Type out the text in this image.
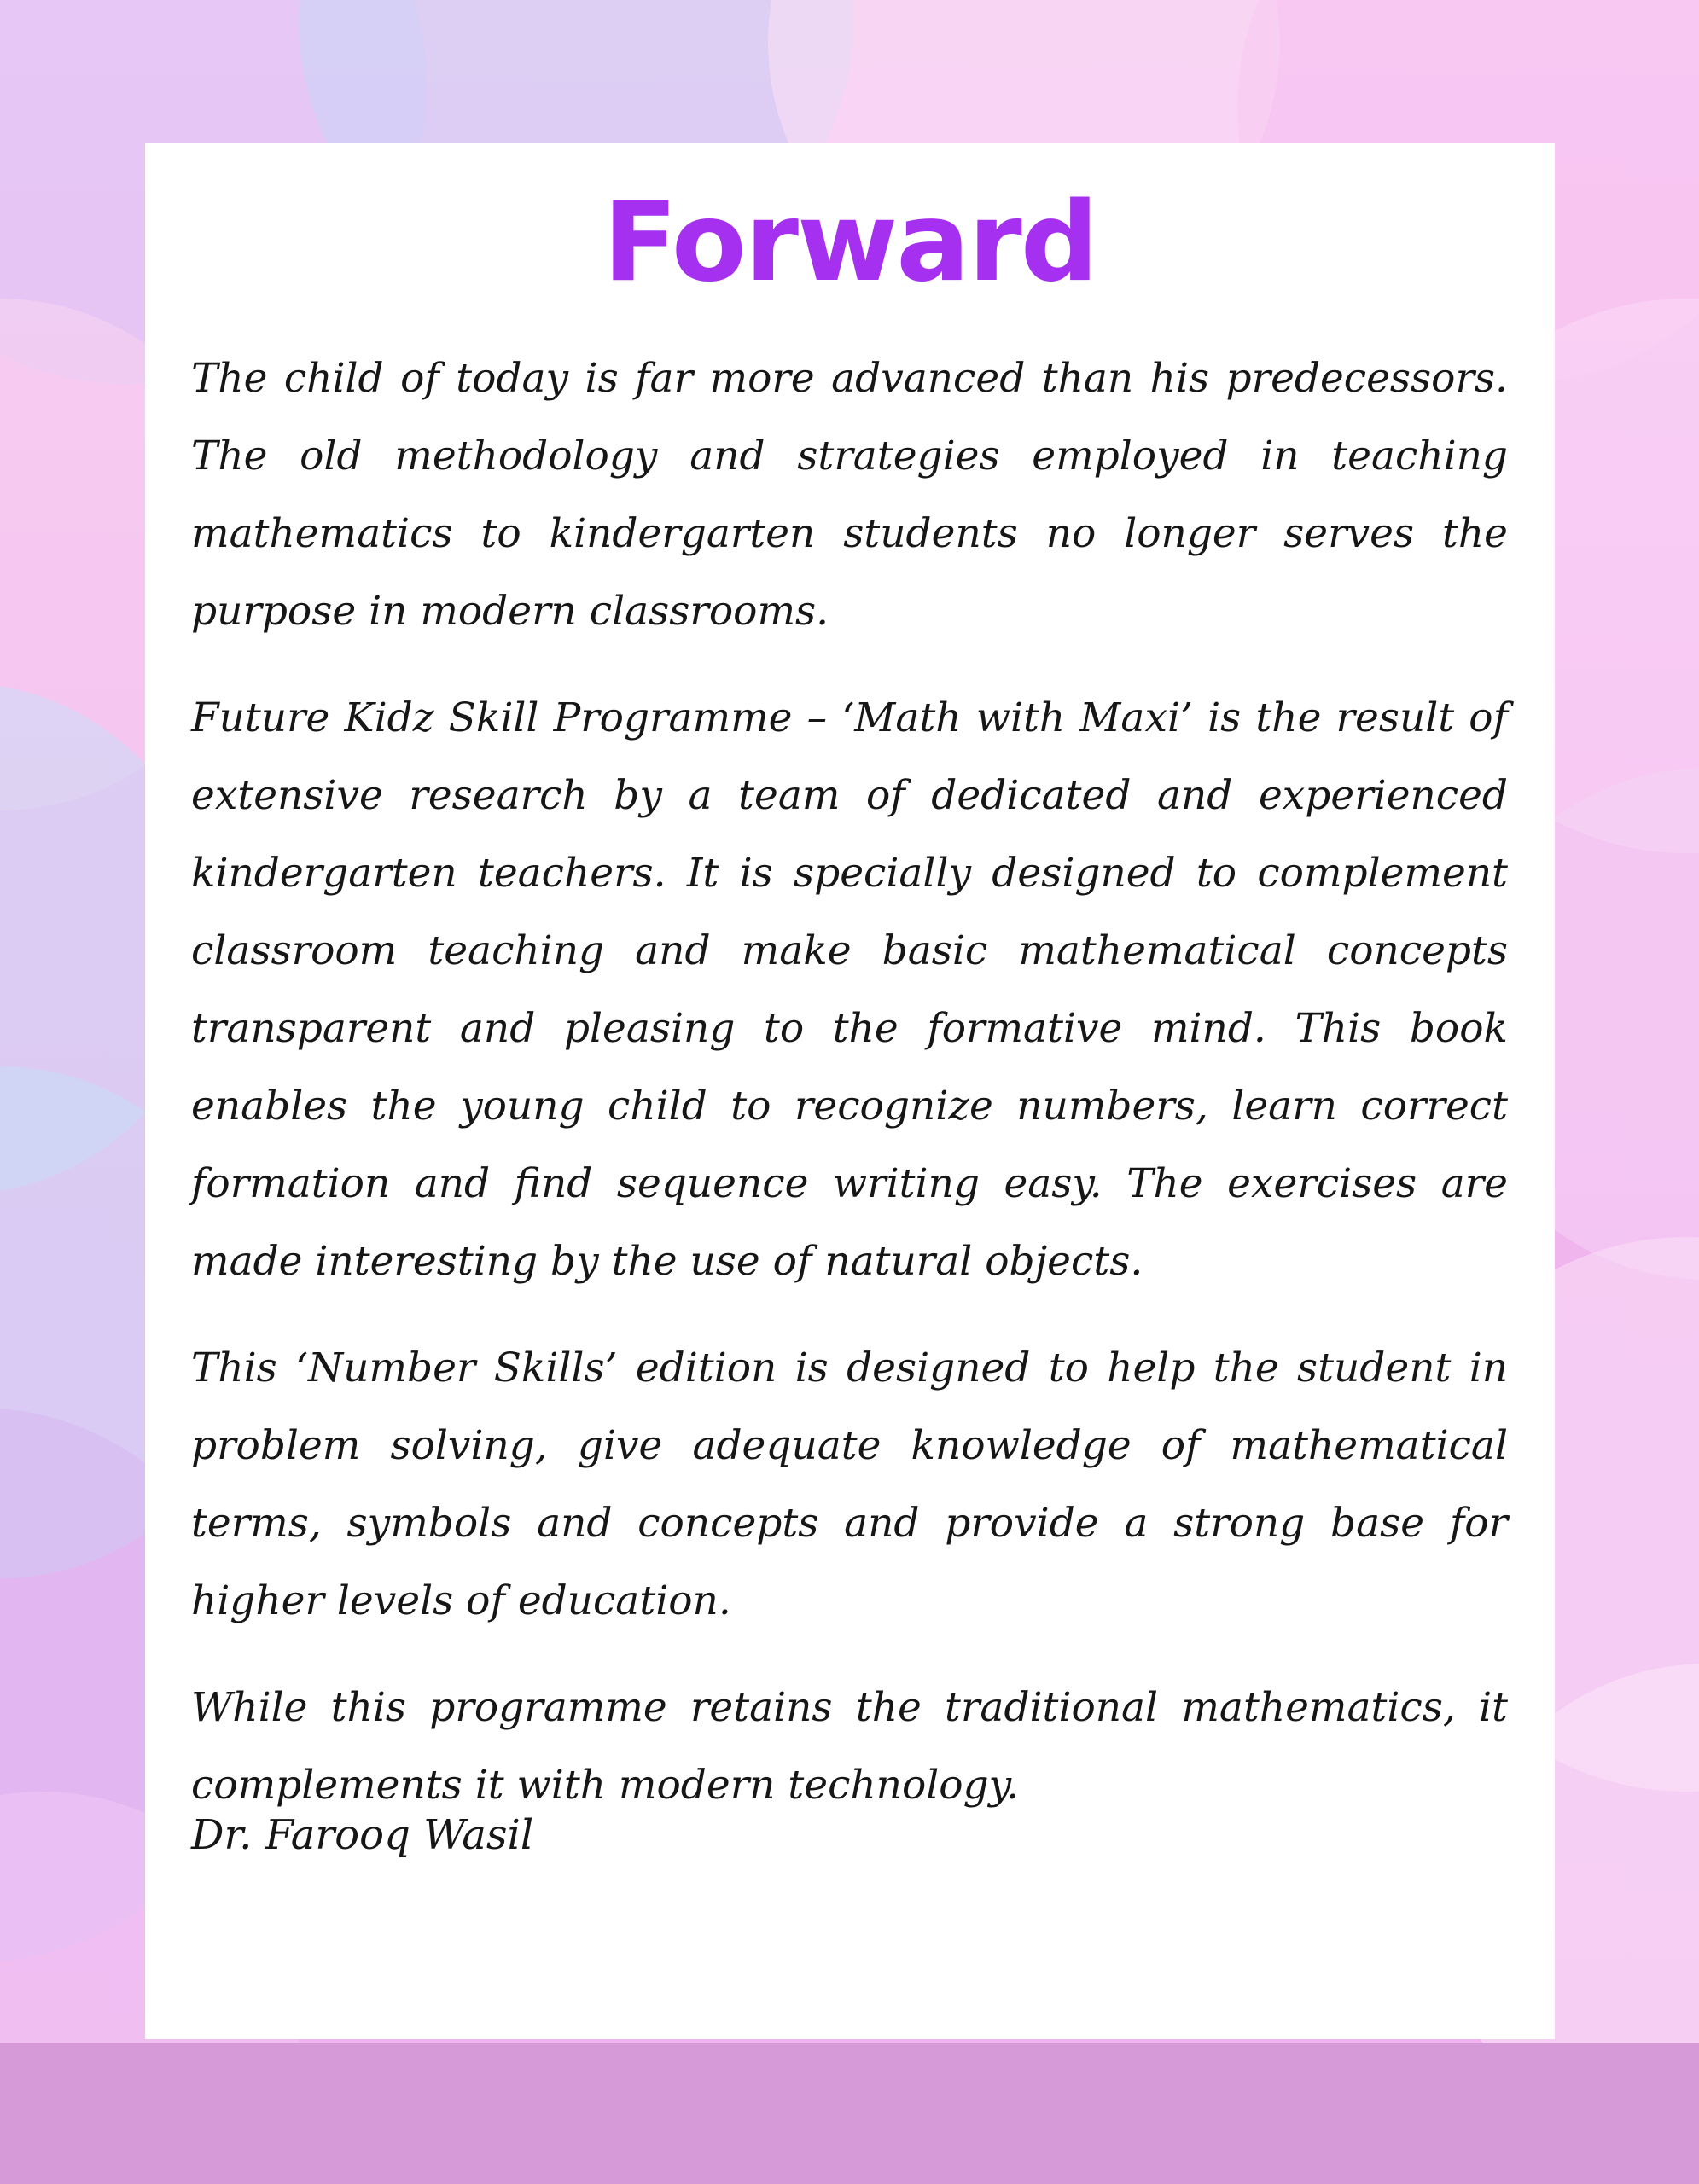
Forward

The child of today is far more advanced than his predecessors. The old methodology and strategies employed in teaching mathematics to kindergarten students no longer serves the purpose in modern classrooms.

Future Kidz Skill Programme – ‘Math with Maxi’ is the result of extensive research by a team of dedicated and experienced kindergarten teachers. It is specially designed to complement classroom teaching and make basic mathematical concepts transparent and pleasing to the formative mind. This book enables the young child to recognize numbers, learn correct formation and find sequence writing easy. The exercises are made interesting by the use of natural objects.

This ‘Number Skills’ edition is designed to help the student in problem solving, give adequate knowledge of mathematical terms, symbols and concepts and provide a strong base for higher levels of education.

While this programme retains the traditional mathematics, it complements it with modern technology.

Dr. Farooq Wasil
